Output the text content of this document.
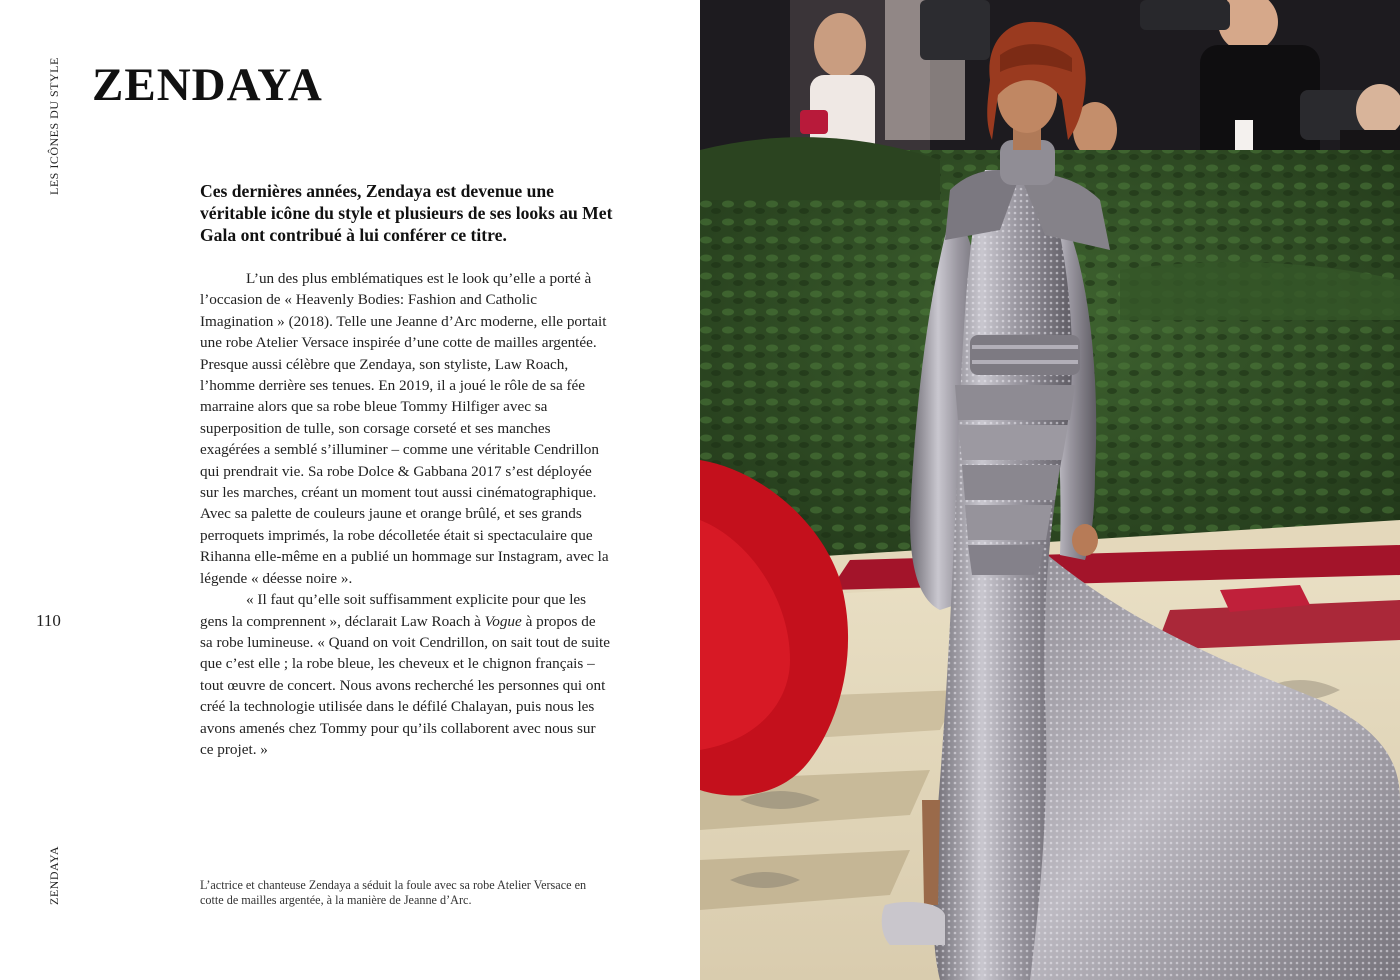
LES ICÔNES DU STYLE
110
ZENDAYA
ZENDAYA

Ces dernières années, Zendaya est devenue une véritable icône du style et plusieurs de ses looks au Met Gala ont contribué à lui conférer ce titre.

L’un des plus emblématiques est le look qu’elle a porté à l’occasion de « Heavenly Bodies: Fashion and Catholic Imagination » (2018). Telle une Jeanne d’Arc moderne, elle portait une robe Atelier Versace inspirée d’une cotte de mailles argentée. Presque aussi célèbre que Zendaya, son styliste, Law Roach, l’homme derrière ses tenues. En 2019, il a joué le rôle de sa fée marraine alors que sa robe bleue Tommy Hilfiger avec sa superposition de tulle, son corsage corseté et ses manches exagérées a semblé s’illuminer – comme une véritable Cendrillon qui prendrait vie. Sa robe Dolce & Gabbana 2017 s’est déployée sur les marches, créant un moment tout aussi cinématographique. Avec sa palette de couleurs jaune et orange brûlé, et ses grands perroquets imprimés, la robe décolletée était si spectaculaire que Rihanna elle-même en a publié un hommage sur Instagram, avec la légende « déesse noire ».

« Il faut qu’elle soit suffisamment explicite pour que les gens la comprennent », déclarait Law Roach à Vogue à propos de sa robe lumineuse. « Quand on voit Cendrillon, on sait tout de suite que c’est elle ; la robe bleue, les cheveux et le chignon français – tout œuvre de concert. Nous avons recherché les personnes qui ont créé la technologie utilisée dans le défilé Chalayan, puis nous les avons amenés chez Tommy pour qu’ils collaborent avec nous sur ce projet. »

L’actrice et chanteuse Zendaya a séduit la foule avec sa robe Atelier Versace en cotte de mailles argentée, à la manière de Jeanne d’Arc.
